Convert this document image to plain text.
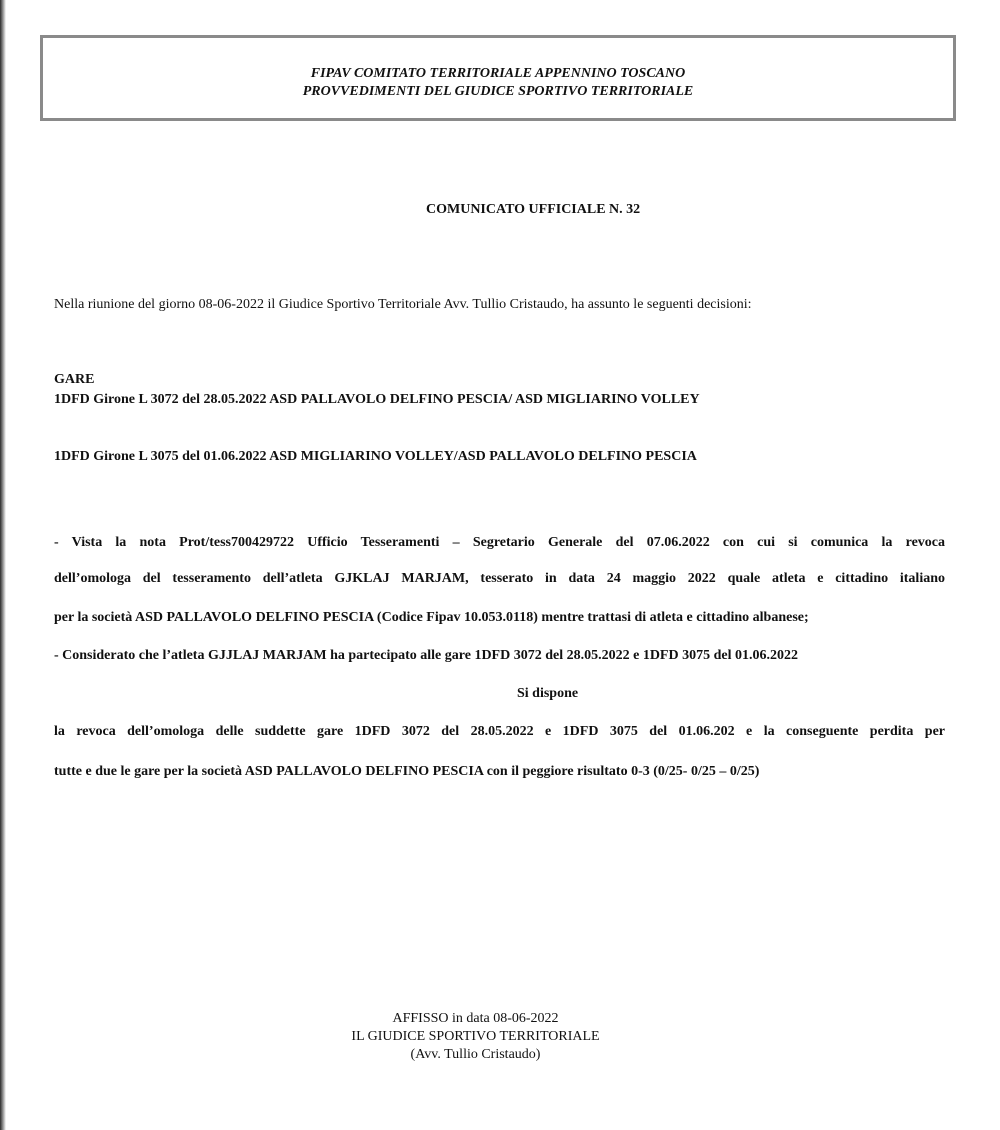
FIPAV COMITATO TERRITORIALE APPENNINO TOSCANO
PROVVEDIMENTI DEL GIUDICE SPORTIVO TERRITORIALE
COMUNICATO UFFICIALE N. 32
Nella riunione del giorno 08-06-2022 il Giudice Sportivo Territoriale Avv. Tullio Cristaudo, ha assunto le seguenti decisioni:
GARE
1DFD Girone L 3072 del 28.05.2022 ASD PALLAVOLO DELFINO PESCIA/ ASD MIGLIARINO VOLLEY
1DFD Girone L 3075 del 01.06.2022 ASD MIGLIARINO VOLLEY/ASD PALLAVOLO DELFINO PESCIA
- Vista la nota Prot/tess700429722 Ufficio Tesseramenti – Segretario Generale del 07.06.2022 con cui si comunica la revoca
dell’omologa del tesseramento dell’atleta GJKLAJ MARJAM, tesserato in data 24 maggio 2022 quale atleta e cittadino italiano
per la società ASD PALLAVOLO DELFINO PESCIA (Codice Fipav 10.053.0118) mentre trattasi di atleta e cittadino albanese;
- Considerato che l’atleta GJJLAJ MARJAM ha partecipato alle gare 1DFD 3072 del 28.05.2022 e 1DFD 3075 del 01.06.2022
Si dispone
la revoca dell’omologa delle suddette gare 1DFD 3072 del 28.05.2022 e 1DFD 3075 del 01.06.202 e la conseguente perdita per
tutte e due le gare per la società ASD PALLAVOLO DELFINO PESCIA con il peggiore risultato 0-3 (0/25- 0/25 – 0/25)
AFFISSO in data 08-06-2022
IL GIUDICE SPORTIVO TERRITORIALE
(Avv. Tullio Cristaudo)
